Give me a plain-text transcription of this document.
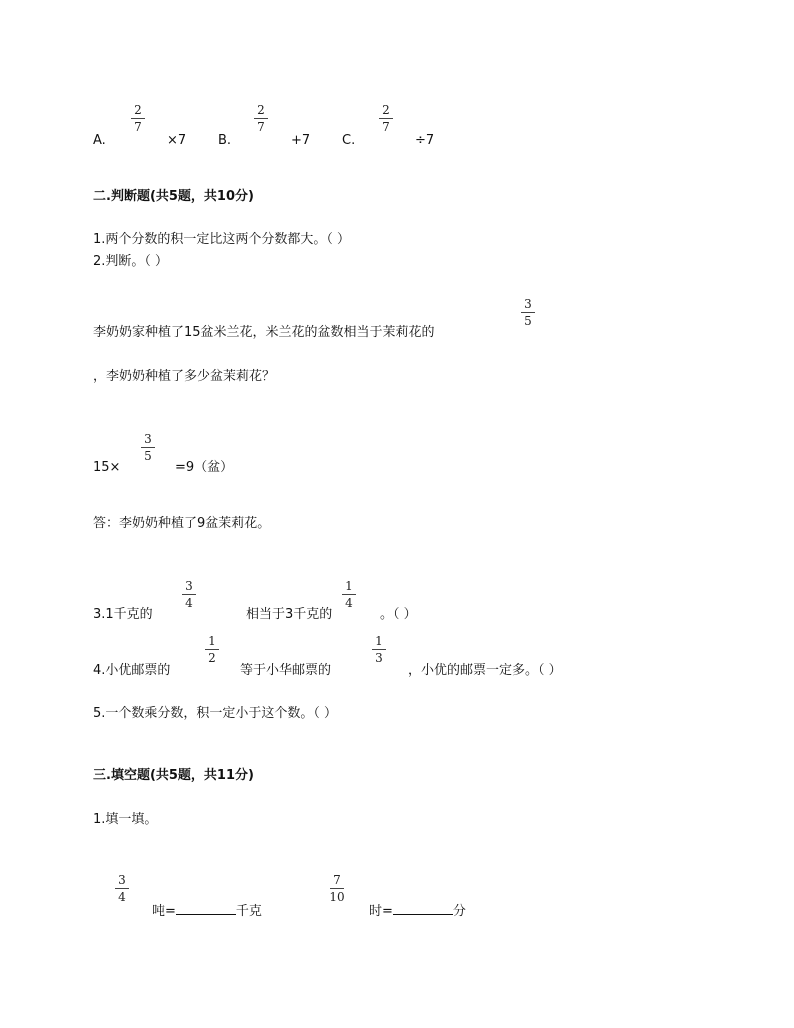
A.
2
7
×7 B.
2
7
+7 C.
2
7
÷7
二.判断题(共5题，共10分)
1.两个分数的积一定比这两个分数都大。（ ）
2.判断。（ ）
李奶奶家种植了15盆米兰花，米兰花的盆数相当于茉莉花的
3
5
，李奶奶种植了多少盆茉莉花？
15×
3
5
=9（盆）
答：李奶奶种植了9盆茉莉花。
3.1千克的
3
4
相当于3千克的
1
4
。（ ）
4.小优邮票的
1
2
等于小华邮票的
1
3
，小优的邮票一定多。（ ）
5.一个数乘分数，积一定小于这个数。（ ）
三.填空题(共5题，共11分)
1.填一填。
3
4
吨=	千克
7
10
时=	分
